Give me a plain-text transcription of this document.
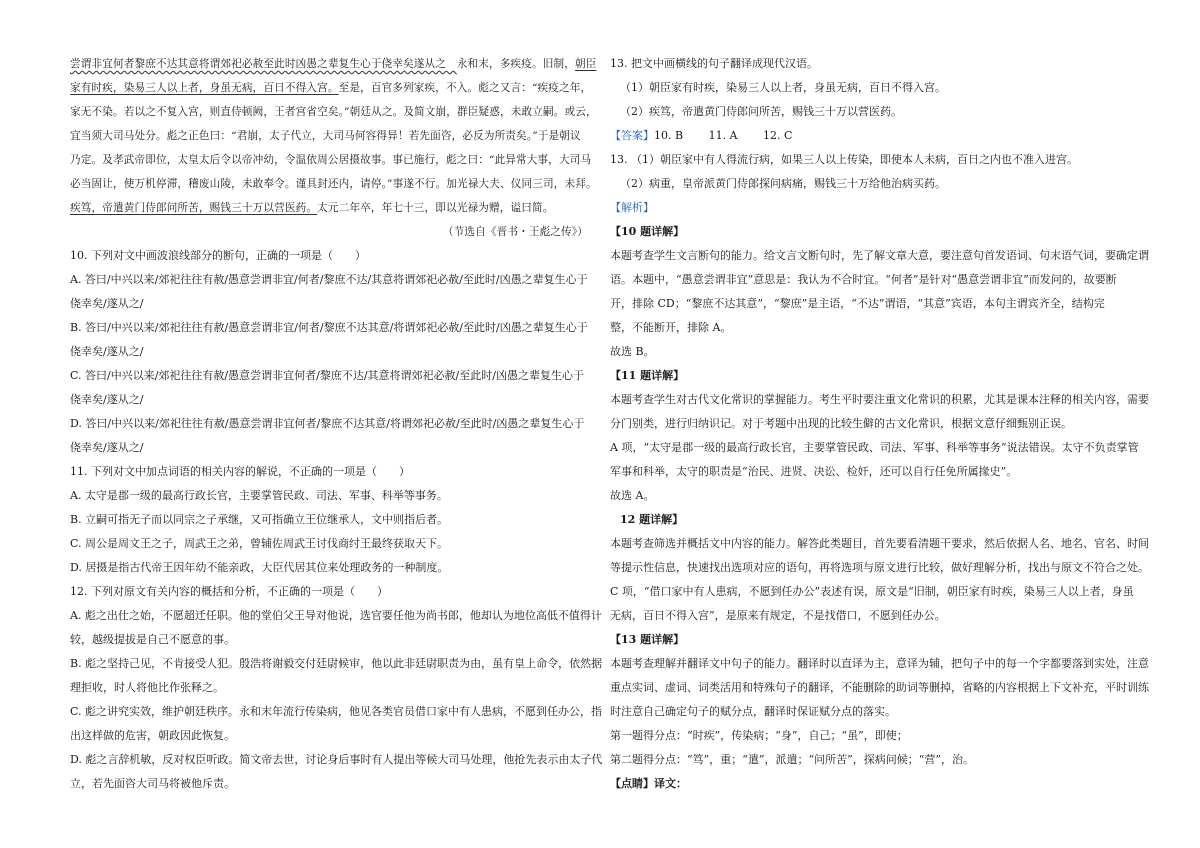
尝谓非宜何者黎庶不达其意将谓郊祀必赦至此时凶愚之辈复生心于侥幸矣遂从之　永和末，多疾疫。旧制，朝臣
家有时疾，染易三人以上者，身虽无病，百日不得入宫。至是，百官多列家疾，不入。彪之又言：“疾疫之年，
家无不染。若以之不复入宫，则直侍顿阙，王者宫省空矣。”朝廷从之。及简文崩，群臣疑惑，未敢立嗣。或云，
宜当须大司马处分。彪之正色曰：“君崩，太子代立，大司马何容得异！若先面咨，必反为所责矣。”于是朝议
乃定。及孝武帝即位，太皇太后令以帝冲幼，令温依周公居摄故事。事已施行，彪之曰：“此异常大事，大司马
必当固让，使万机停滞，稽废山陵，未敢奉令。谨具封还内，请停。”事遂不行。加光禄大夫、仪同三司，未拜。
疾笃，帝遣黄门侍郎问所苦，赐钱三十万以营医药。太元二年卒，年七十三，即以光禄为赠，谥曰简。
（节选自《晋书・王彪之传》）
10. 下列对文中画波浪线部分的断句，正确的一项是（　　）
A. 答曰/中兴以来/郊祀往往有赦/愚意尝谓非宜/何者/黎庶不达/其意将谓郊祀必赦/至此时/凶愚之辈复生心于
侥幸矣/遂从之/
B. 答曰/中兴以来/郊祀往往有赦/愚意尝谓非宜/何者/黎庶不达其意/将谓郊祀必赦/至此时/凶愚之辈复生心于
侥幸矣/遂从之/
C. 答曰/中兴以来/郊祀往往有赦/愚意尝谓非宜何者/黎庶不达/其意将谓郊祀必赦/至此时/凶愚之辈复生心于
侥幸矣/遂从之/
D. 答曰/中兴以来/郊祀往往有赦/愚意尝谓非宜何者/黎庶不达其意/将谓郊祀必赦/至此时/凶愚之辈复生心于
侥幸矣/遂从之/
11. 下列对文中加点词语的相关内容的解说，不正确的一项是（　　）
A. 太守是郡一级的最高行政长官，主要掌管民政、司法、军事、科举等事务。
B. 立嗣可指无子而以同宗之子承继，又可指确立王位继承人，文中则指后者。
C. 周公是周文王之子，周武王之弟，曾辅佐周武王讨伐商纣王最终获取天下。
D. 居摄是指古代帝王因年幼不能亲政，大臣代居其位来处理政务的一种制度。
12. 下列对原文有关内容的概括和分析，不正确的一项是（　　）
A. 彪之出仕之始，不愿超迁任职。他的堂伯父王导对他说，选官要任他为尚书郎，他却认为地位高低不值得计
较，越级提拔是自己不愿意的事。
B. 彪之坚持己见，不肯接受人犯。殷浩将谢毅交付廷尉候审，他以此非廷尉职责为由，虽有皇上命令，依然据
理拒收，时人将他比作张释之。
C. 彪之讲究实效，维护朝廷秩序。永和末年流行传染病，他见各类官员借口家中有人患病，不愿到任办公，指
出这样做的危害，朝政因此恢复。
D. 彪之言辞机敏，反对权臣听政。简文帝去世，讨论身后事时有人提出等候大司马处理，他抢先表示由太子代
立，若先面咨大司马将被他斥责。
13. 把文中画横线的句子翻译成现代汉语。
（1）朝臣家有时疾，染易三人以上者，身虽无病，百日不得入宫。
（2）疾笃，帝遣黄门侍郎问所苦，赐钱三十万以营医药。
【答案】10. B　　 11. A　　 12. C
13. （1）朝臣家中有人得流行病，如果三人以上传染，即使本人未病，百日之内也不准入进宫。
（2）病重，皇帝派黄门侍郎探问病痛，赐钱三十万给他治病买药。
【解析】
【10 题详解】
本题考查学生文言断句的能力。给文言文断句时，先了解文章大意，要注意句首发语词、句末语气词，要确定谓
语。本题中，“愚意尝谓非宜”意思是：我认为不合时宜。“何者”是针对“愚意尝谓非宜”而发问的，故要断
开，排除 CD；“黎庶不达其意”，“黎庶”是主语，“不达”谓语，“其意”宾语，本句主谓宾齐全，结构完
整，不能断开，排除 A。
故选 B。
【11 题详解】
本题考查学生对古代文化常识的掌握能力。考生平时要注重文化常识的积累，尤其是课本注释的相关内容，需要
分门别类，进行归纳识记。对于考题中出现的比较生僻的古文化常识，根据文意仔细甄别正误。
A 项，“太守是郡一级的最高行政长官，主要掌管民政、司法、军事、科举等事务”说法错误。太守不负责掌管
军事和科举，太守的职责是“治民、进贤、决讼、检奸，还可以自行任免所属掾史”。
故选 A。
12 题详解】
本题考查筛选并概括文中内容的能力。解答此类题目，首先要看清题干要求，然后依据人名、地名、官名、时间
等提示性信息，快速找出选项对应的语句，再将选项与原文进行比较，做好理解分析，找出与原文不符合之处。
C 项，“借口家中有人患病，不愿到任办公”表述有误，原文是“旧制，朝臣家有时疾，染易三人以上者，身虽
无病，百日不得入宫”，是原来有规定，不是找借口，不愿到任办公。
【13 题详解】
本题考查理解并翻译文中句子的能力。翻译时以直译为主，意译为辅，把句子中的每一个字都要落到实处，注意
重点实词、虚词、词类活用和特殊句子的翻译，不能删除的助词等删掉，省略的内容根据上下文补充，平时训练
时注意自己确定句子的赋分点，翻译时保证赋分点的落实。
第一题得分点：“时疾”，传染病；“身”，自己；“虽”，即使；
第二题得分点：“笃”，重；“遣”，派遣；“问所苦”，探病问候；“营”，治。
【点睛】译文：
